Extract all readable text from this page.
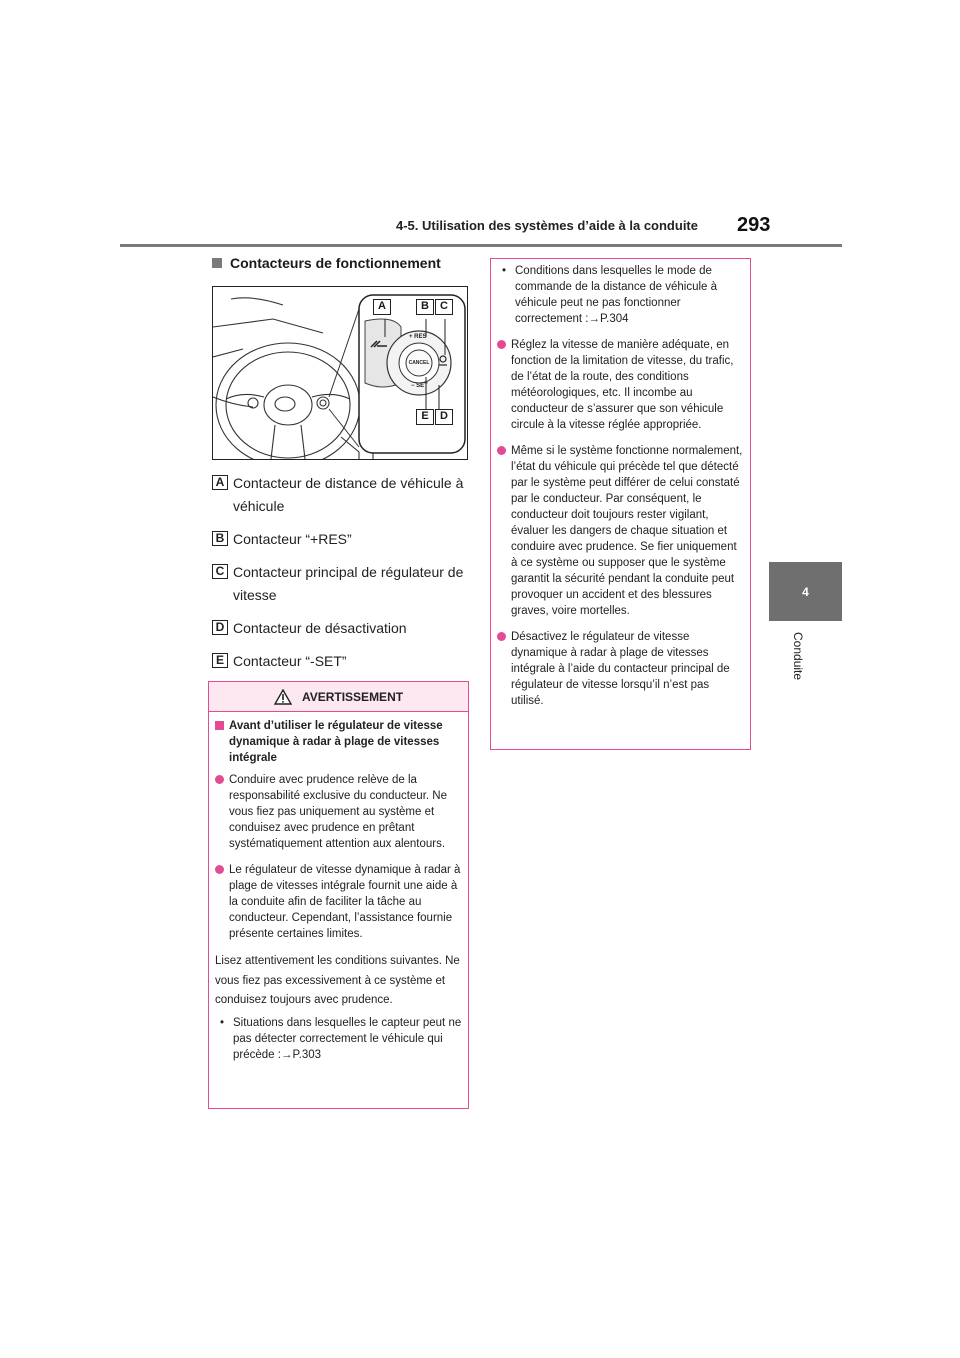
4-5. Utilisation des systèmes d’aide à la conduite 293
4
Conduite
Contacteurs de fonctionnement
A	B	C
E	D
+ RES
CANCEL
− SET
A Contacteur de distance de véhicule à véhicule
B Contacteur “+RES”
C Contacteur principal de régulateur de vitesse
D Contacteur de désactivation
E Contacteur “-SET”
AVERTISSEMENT
Avant d’utiliser le régulateur de vitesse dynamique à radar à plage de vitesses intégrale
Conduire avec prudence relève de la responsabilité exclusive du conducteur. Ne vous fiez pas uniquement au système et conduisez avec prudence en prêtant systématiquement attention aux alentours.
Le régulateur de vitesse dynamique à radar à plage de vitesses intégrale fournit une aide à la conduite afin de faciliter la tâche au conducteur. Cependant, l’assistance fournie présente certaines limites.
Lisez attentivement les conditions suivantes. Ne vous fiez pas excessivement à ce système et conduisez toujours avec prudence.
• Situations dans lesquelles le capteur peut ne pas détecter correctement le véhicule qui précède :→P.303
• Conditions dans lesquelles le mode de commande de la distance de véhicule à véhicule peut ne pas fonctionner correctement :→P.304
Réglez la vitesse de manière adéquate, en fonction de la limitation de vitesse, du trafic, de l’état de la route, des conditions météorologiques, etc. Il incombe au conducteur de s’assurer que son véhicule circule à la vitesse réglée appropriée.
Même si le système fonctionne normalement, l’état du véhicule qui précède tel que détecté par le système peut différer de celui constaté par le conducteur. Par conséquent, le conducteur doit toujours rester vigilant, évaluer les dangers de chaque situation et conduire avec prudence. Se fier uniquement à ce système ou supposer que le système garantit la sécurité pendant la conduite peut provoquer un accident et des blessures graves, voire mortelles.
Désactivez le régulateur de vitesse dynamique à radar à plage de vitesses intégrale à l’aide du contacteur principal de régulateur de vitesse lorsqu’il n’est pas utilisé.
